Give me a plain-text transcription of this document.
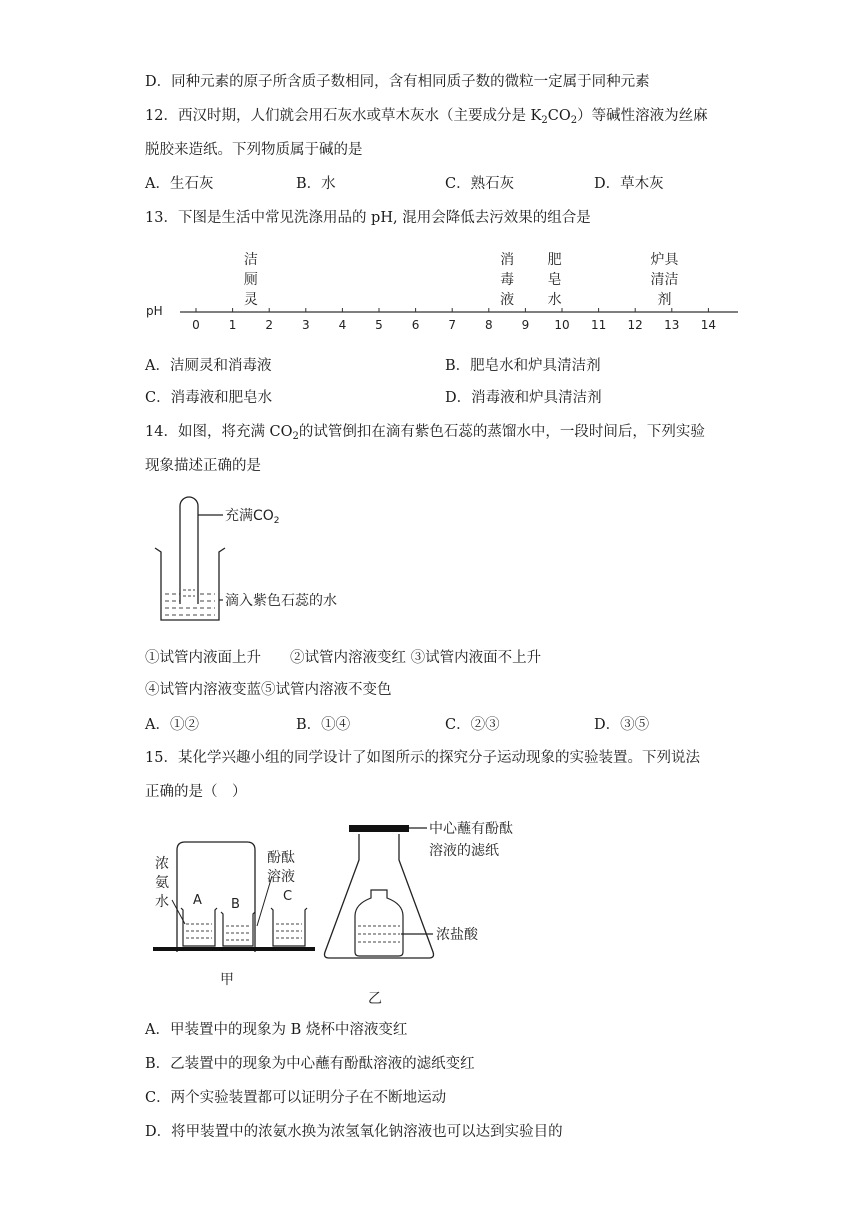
D．同种元素的原子所含质子数相同，含有相同质子数的微粒一定属于同种元素
12．西汉时期，人们就会用石灰水或草木灰水（主要成分是 $K_2CO_2$）等碱性溶液为丝麻
脱胶来造纸。下列物质属于碱的是
A．生石灰	B．水	C．熟石灰	D．草木灰
13．下图是生活中常见洗涤用品的 pH, 混用会降低去污效果的组合是
pH
0 1 2 3 4 5 6 7 8 9 10 11 12 13 14
洁
厕
灵
消
毒
液
肥
皂
水
炉具
清洁
剂
A．洁厕灵和消毒液	B．肥皂水和炉具清洁剂
C．消毒液和肥皂水	D．消毒液和炉具清洁剂
14．如图，将充满 $CO_2$的试管倒扣在滴有紫色石蕊的蒸馏水中，一段时间后，下列实验
现象描述正确的是
充满$CO_2$
滴入紫色石蕊的水
①试管内液面上升　　②试管内溶液变红 ③试管内液面不上升
④试管内溶液变蓝⑤试管内溶液不变色
A．①②	B．①④	C．②③	D．③⑤
15．某化学兴趣小组的同学设计了如图所示的探究分子运动现象的实验装置。下列说法
正确的是（　）
浓 氨 水
酚酞 溶液
A B
C
甲
中心蘸有酚酞 溶液的滤纸
浓盐酸
乙
A．甲装置中的现象为 B 烧杯中溶液变红
B．乙装置中的现象为中心蘸有酚酞溶液的滤纸变红
C．两个实验装置都可以证明分子在不断地运动
D．将甲装置中的浓氨水换为浓氢氧化钠溶液也可以达到实验目的
